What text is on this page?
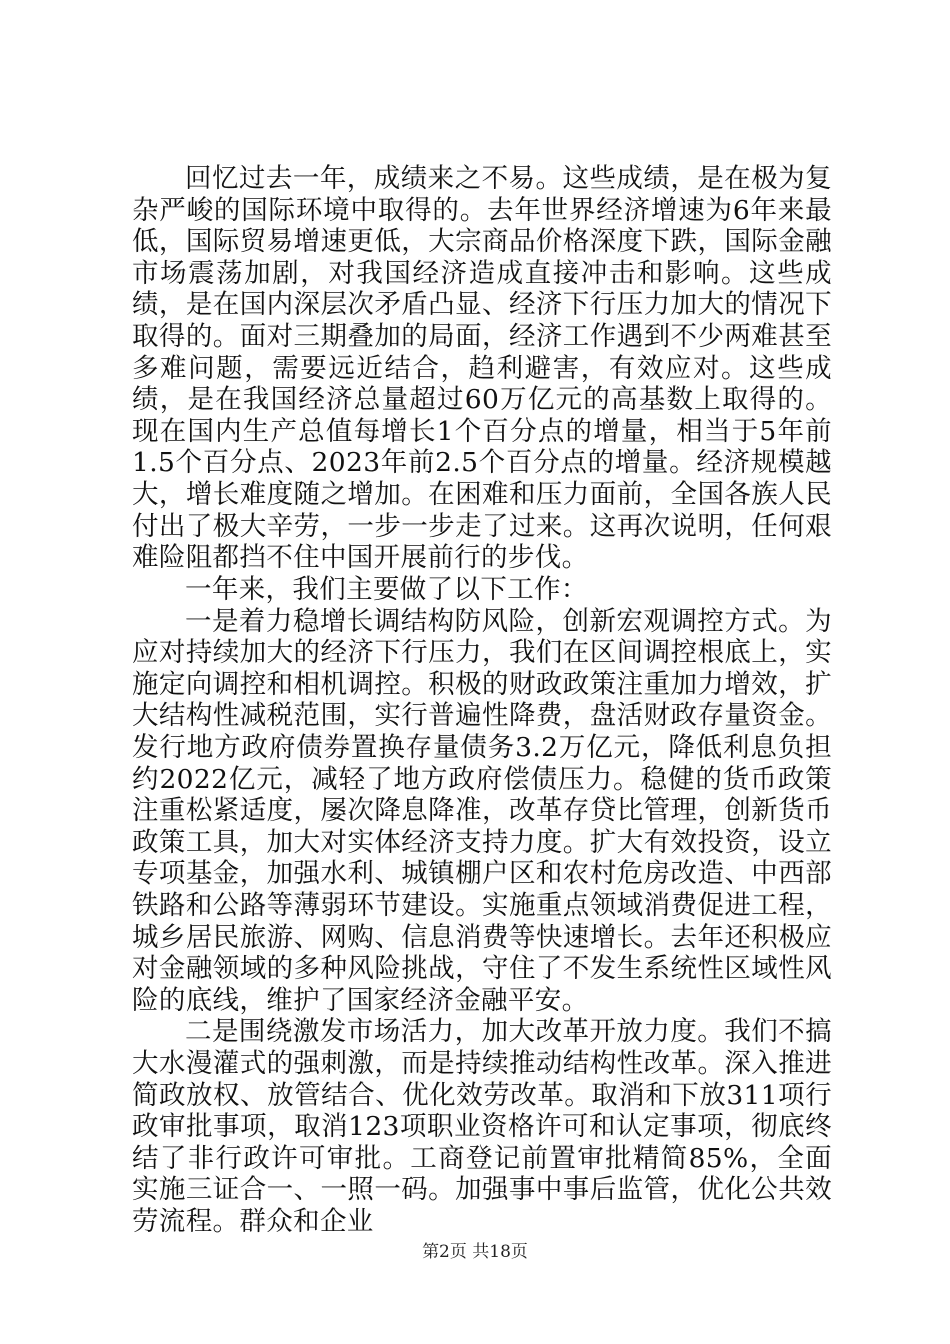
回忆过去一年，成绩来之不易。这些成绩，是在极为复杂严峻的国际环境中取得的。去年世界经济增速为6年来最低，国际贸易增速更低，大宗商品价格深度下跌，国际金融市场震荡加剧，对我国经济造成直接冲击和影响。这些成绩，是在国内深层次矛盾凸显、经济下行压力加大的情况下取得的。面对三期叠加的局面，经济工作遇到不少两难甚至多难问题，需要远近结合，趋利避害，有效应对。这些成绩，是在我国经济总量超过60万亿元的高基数上取得的。现在国内生产总值每增长1个百分点的增量，相当于5年前1.5个百分点、2023年前2.5个百分点的增量。经济规模越大，增长难度随之增加。在困难和压力面前，全国各族人民付出了极大辛劳，一步一步走了过来。这再次说明，任何艰难险阻都挡不住中国开展前行的步伐。

一年来，我们主要做了以下工作：

一是着力稳增长调结构防风险，创新宏观调控方式。为应对持续加大的经济下行压力，我们在区间调控根底上，实施定向调控和相机调控。积极的财政政策注重加力增效，扩大结构性减税范围，实行普遍性降费，盘活财政存量资金。发行地方政府债券置换存量债务3.2万亿元，降低利息负担约2022亿元，减轻了地方政府偿债压力。稳健的货币政策注重松紧适度，屡次降息降准，改革存贷比管理，创新货币政策工具，加大对实体经济支持力度。扩大有效投资，设立专项基金，加强水利、城镇棚户区和农村危房改造、中西部铁路和公路等薄弱环节建设。实施重点领域消费促进工程，城乡居民旅游、网购、信息消费等快速增长。去年还积极应对金融领域的多种风险挑战，守住了不发生系统性区域性风险的底线，维护了国家经济金融平安。

二是围绕激发市场活力，加大改革开放力度。我们不搞大水漫灌式的强刺激，而是持续推动结构性改革。深入推进简政放权、放管结合、优化效劳改革。取消和下放311项行政审批事项，取消123项职业资格许可和认定事项，彻底终结了非行政许可审批。工商登记前置审批精简85%，全面实施三证合一、一照一码。加强事中事后监管，优化公共效劳流程。群众和企业

第2页 共18页
